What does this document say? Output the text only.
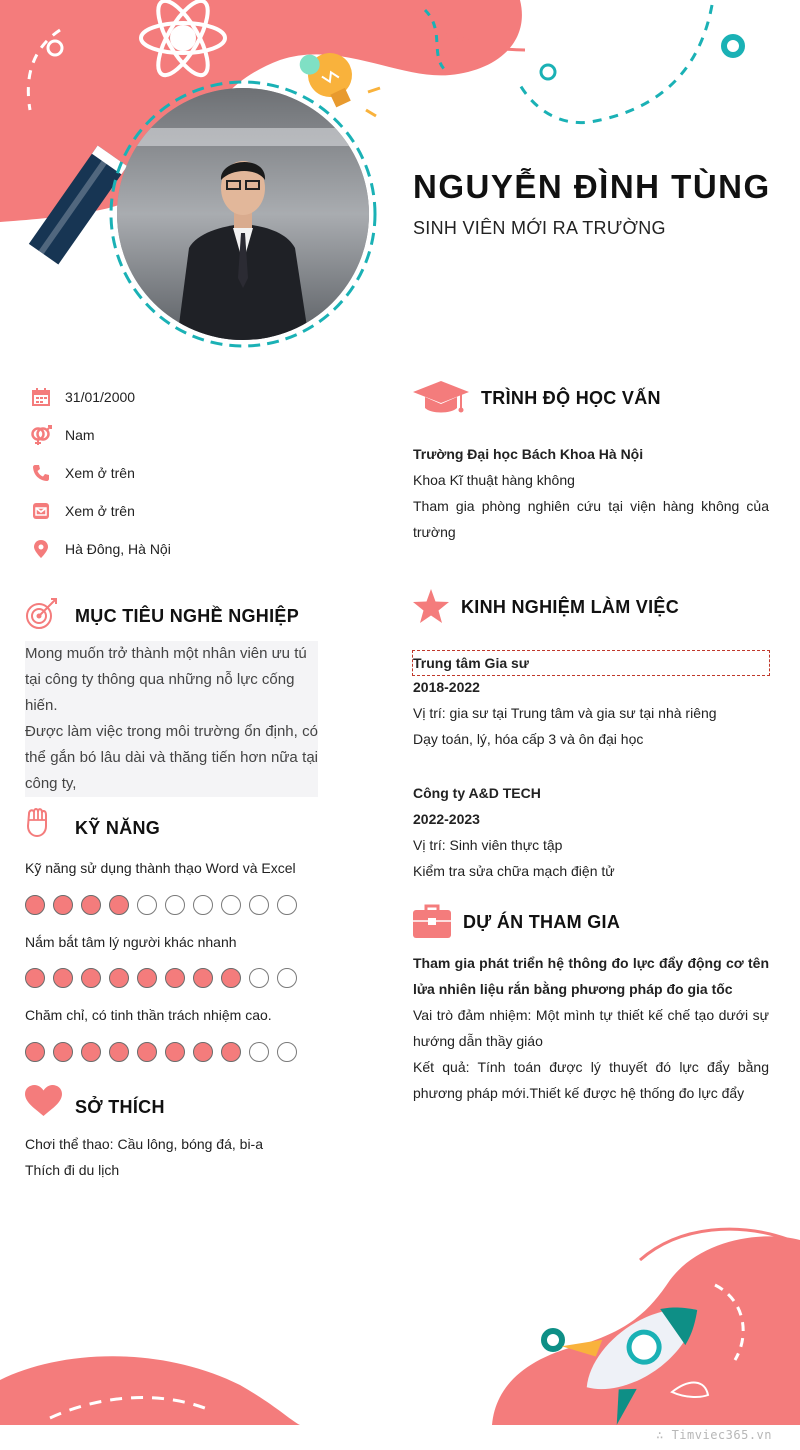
NGUYỄN ĐÌNH TÙNG
SINH VIÊN MỚI RA TRƯỜNG
31/01/2000
Nam
Xem ở trên
Xem ở trên
Hà Đông, Hà Nội
MỤC TIÊU NGHỀ NGHIỆP
Mong muốn trở thành một nhân viên ưu tú tại công ty thông qua những nỗ lực cống hiến.
Được làm việc trong môi trường ổn định, có thể gắn bó lâu dài và thăng tiến hơn nữa tại công ty,
KỸ NĂNG
Kỹ năng sử dụng thành thạo Word và Excel
Nắm bắt tâm lý người khác nhanh
Chăm chỉ, có tinh thần trách nhiệm cao.
SỞ THÍCH
Chơi thể thao: Cầu lông, bóng đá, bi-a
Thích đi du lịch
TRÌNH ĐỘ HỌC VẤN
Trường Đại học Bách Khoa Hà Nội
Khoa Kĩ thuật hàng không
Tham gia phòng nghiên cứu tại viện hàng không của trường
KINH NGHIỆM LÀM VIỆC
Trung tâm Gia sư
2018-2022
Vị trí: gia sư tại Trung tâm và gia sư tại nhà riêng
Dạy toán, lý, hóa cấp 3 và ôn đại học
Công ty A&D TECH
2022-2023
Vị trí: Sinh viên thực tập
Kiểm tra sửa chữa mạch điện tử
DỰ ÁN THAM GIA
Tham gia phát triển hệ thông đo lực đẩy động cơ tên lửa nhiên liệu rắn bằng phương pháp đo gia tốc
Vai trò đảm nhiệm: Một mình tự thiết kế chế tạo dưới sự hướng dẫn thầy giáo
Kết quả: Tính toán được lý thuyết đó lực đẩy bằng phương pháp mới.Thiết kế được hệ thống đo lực đẩy
∴ Timviec365.vn
